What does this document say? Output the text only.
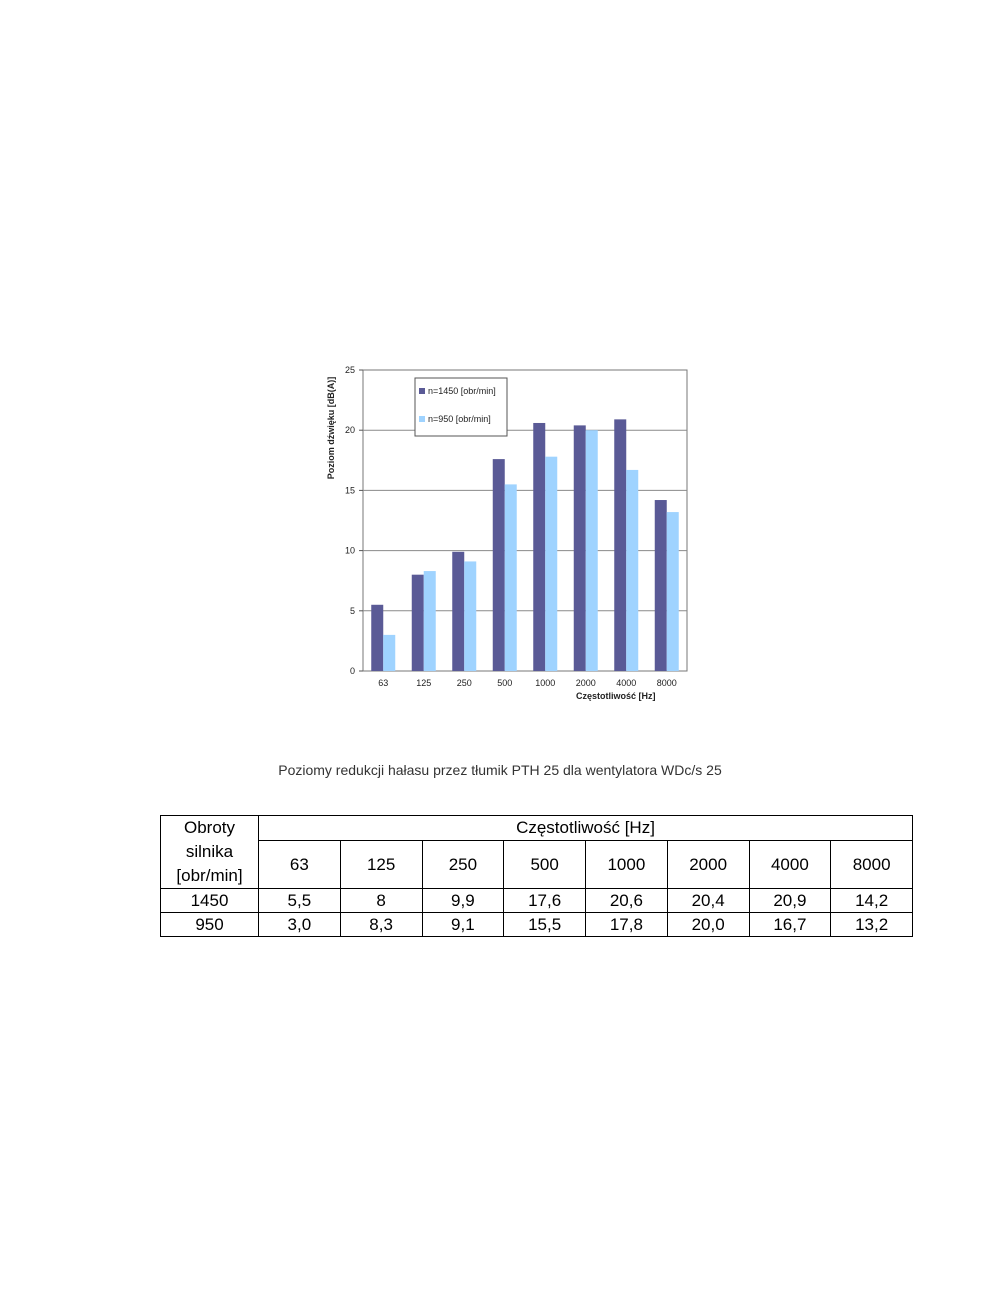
0
5
10
15
20
25
63	125	250	500	1000 2000 4000 8000
Częstotliwość [Hz]
Poziom dźwięku [dB(A)]	n=1450 [obr/min]
n=950 [obr/min]
Poziomy redukcji hałasu przez tłumik PTH 25 dla wentylatora WDc/s 25
Obroty silnika [obr/min]	Częstotliwość [Hz]							
	63	125	250	500	1000	2000	4000	8000
1450	5,5	8	9,9	17,6	20,6	20,4	20,9	14,2
950	3,0	8,3	9,1	15,5	17,8	20,0	16,7	13,2
